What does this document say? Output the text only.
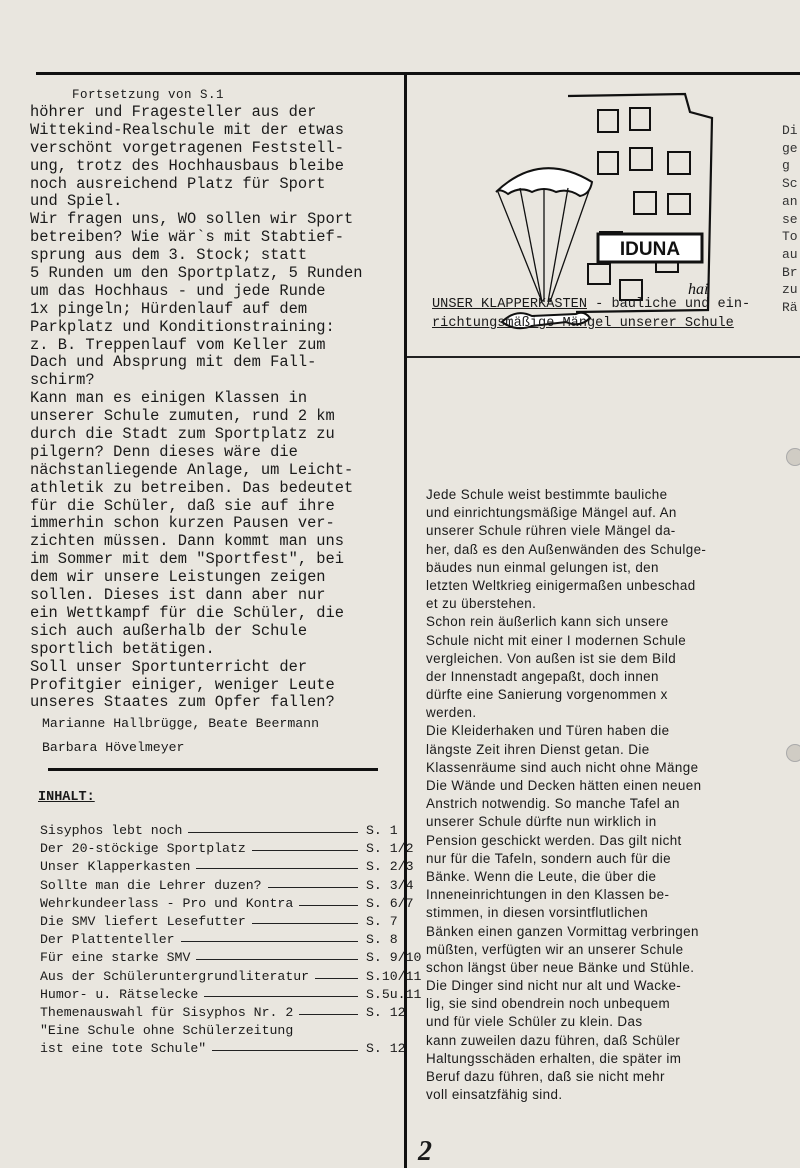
Di
ge
g
Sc
an
se
To
au
Br
zu
Rä
Fortsetzung von S.1
höhrer und Fragesteller aus der
Wittekind-Realschule mit der etwas
verschönt vorgetragenen Feststell-
ung, trotz des Hochhausbaus bleibe
noch ausreichend Platz für Sport
und Spiel.
Wir fragen uns, WO sollen wir Sport
betreiben? Wie wär`s mit Stabtief-
sprung aus dem 3. Stock; statt
5 Runden um den Sportplatz, 5 Runden
um das Hochhaus - und jede Runde
1x pingeln; Hürdenlauf auf dem
Parkplatz und Konditionstraining:
z. B. Treppenlauf vom Keller zum
Dach und Absprung mit dem Fall-
schirm?
Kann man es einigen Klassen in
unserer Schule zumuten, rund 2 km
durch die Stadt zum Sportplatz zu
pilgern? Denn dieses wäre die
nächstanliegende Anlage, um Leicht-
athletik zu betreiben. Das bedeutet
für die Schüler, daß sie auf ihre
immerhin schon kurzen Pausen ver-
zichten müssen. Dann kommt man uns
im Sommer mit dem "Sportfest", bei
dem wir unsere Leistungen zeigen
sollen. Dieses ist dann aber nur
ein Wettkampf für die Schüler, die
sich auch außerhalb der Schule
sportlich betätigen.
Soll unser Sportunterricht der
Profitgier einiger, weniger Leute
unseres Staates zum Opfer fallen?
Marianne Hallbrügge, Beate Beermann
Barbara Hövelmeyer
INHALT:
Sisyphos lebt noch	S. 1
Der 20-stöckige Sportplatz	S. 1/2
Unser Klapperkasten	S. 2/3
Sollte man die Lehrer duzen?	S. 3/4
Wehrkundeerlass - Pro und Kontra	S. 6/7
Die SMV liefert Lesefutter	S. 7
Der Plattenteller	S. 8
Für eine starke SMV	S. 9/10
Aus der Schüleruntergrundliteratur	S.10/11
Humor- u. Rätselecke	S.5u.11
Themenauswahl für Sisyphos Nr. 2	S. 12
"Eine Schule ohne Schülerzeitung
ist eine tote Schule"	S. 12
IDUNA
hai
UNSER KLAPPERKASTEN - bauliche und ein-
richtungsmäßige Mängel unserer Schule
Jede Schule weist bestimmte bauliche
und einrichtungsmäßige Mängel auf. An
unserer Schule rühren viele Mängel da-
her, daß es den Außenwänden des Schulge-
bäudes nun einmal gelungen ist, den
letzten Weltkrieg einigermaßen unbeschad
et zu überstehen.
Schon rein äußerlich kann sich unsere
Schule nicht mit einer I modernen Schule
vergleichen. Von außen ist sie dem Bild
der Innenstadt angepaßt, doch innen
dürfte eine Sanierung vorgenommen x
werden.
Die Kleiderhaken und Türen haben die
längste Zeit ihren Dienst getan. Die
Klassenräume sind auch nicht ohne Mänge
Die Wände und Decken hätten einen neuen
Anstrich notwendig. So manche Tafel an
unserer Schule dürfte nun wirklich in
Pension geschickt werden. Das gilt nicht
nur für die Tafeln, sondern auch für die
Bänke. Wenn die Leute, die über die
Inneneinrichtungen in den Klassen be-
stimmen, in diesen vorsintflutlichen
Bänken einen ganzen Vormittag verbringen
müßten, verfügten wir an unserer Schule
schon längst über neue Bänke und Stühle.
Die Dinger sind nicht nur alt und Wacke-
lig, sie sind obendrein noch unbequem
und für viele Schüler zu klein. Das
kann zuweilen dazu führen, daß Schüler
Haltungsschäden erhalten, die später im
Beruf dazu führen, daß sie nicht mehr
voll einsatzfähig sind.
2
